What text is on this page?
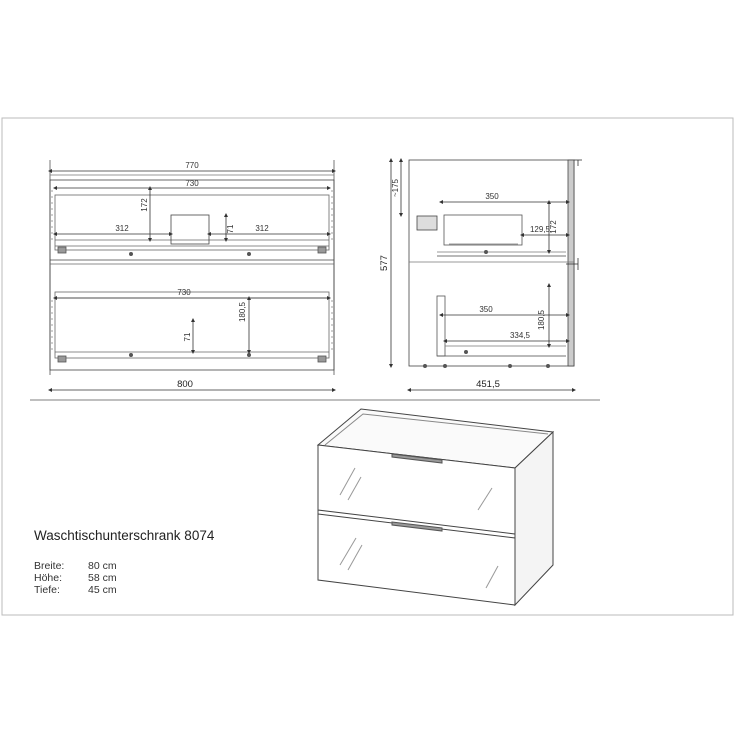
770
730
172
312	312
71
730
180,5
71
800
~175
577
350
172
129,5
350
180,5
334,5
451,5
Waschtischunterschrank 8074
Breite: 80 cm
Höhe: 58 cm
Tiefe:	45 cm
